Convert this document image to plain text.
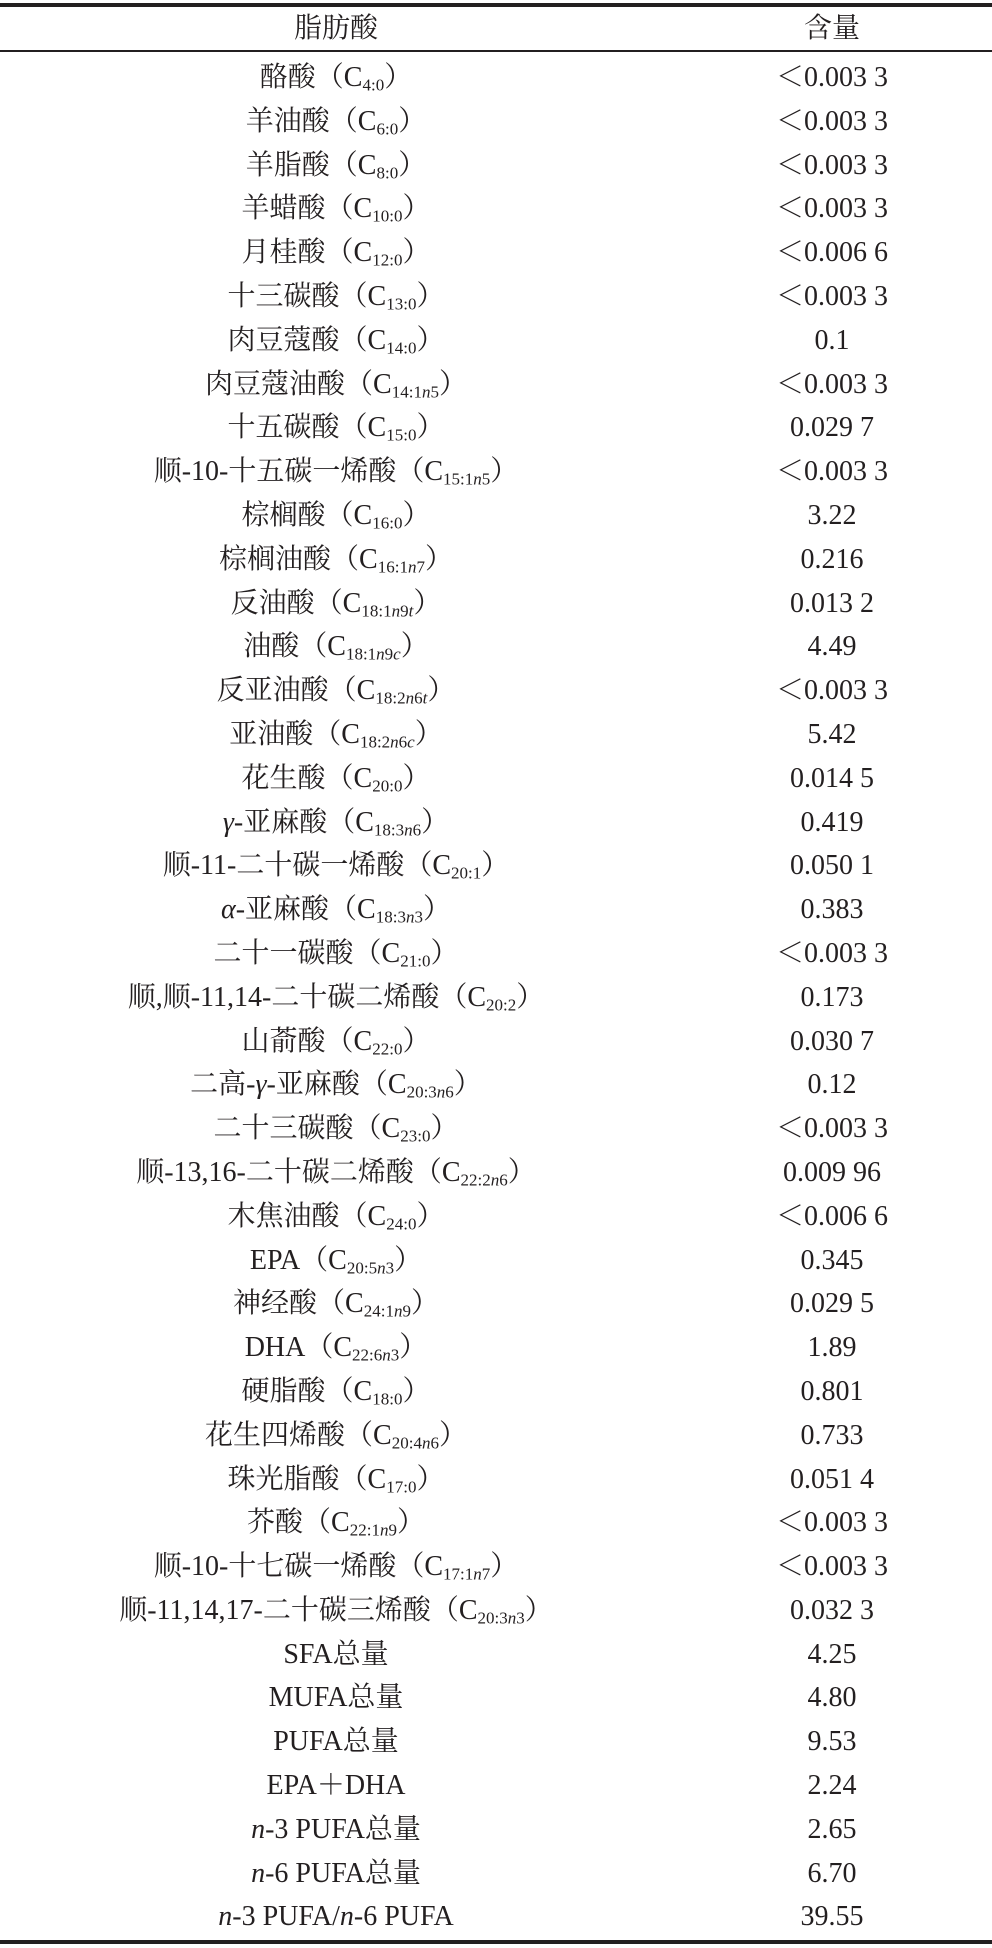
脂肪酸	含量
酪酸$(C_{4:0})$	＜0.003 3
羊油酸$(C_{6:0})$	＜0.003 3
羊脂酸$(C_{8:0})$	＜0.003 3
羊蜡酸$(C_{10:0})$	＜0.003 3
月桂酸$(C_{12:0})$	＜0.006 6
十三碳酸$(C_{13:0})$	＜0.003 3
肉豆蔻酸$(C_{14:0})$	0.1
肉豆蔻油酸$(C_{14:1n5})$	＜0.003 3
十五碳酸$(C_{15:0})$	0.029 7
顺-10-十五碳一烯酸$(C_{15:1n5})$	＜0.003 3
棕榈酸$(C_{16:0})$	3.22
棕榈油酸$(C_{16:1n7})$	0.216
反油酸$(C_{18:1n9t})$	0.013 2
油酸$(C_{18:1n9c})$	4.49
反亚油酸$(C_{18:2n6t})$	＜0.003 3
亚油酸$(C_{18:2n6c})$	5.42
花生酸$(C_{20:0})$	0.014 5
γ-亚麻酸$(C_{18:3n6})$	0.419
顺-11-二十碳一烯酸$(C_{20:1})$	0.050 1
α-亚麻酸$(C_{18:3n3})$	0.383
二十一碳酸$(C_{21:0})$	＜0.003 3
顺,顺-11,14-二十碳二烯酸$(C_{20:2})$	0.173
山萮酸$(C_{22:0})$	0.030 7
二高-γ-亚麻酸$(C_{20:3n6})$	0.12
二十三碳酸$(C_{23:0})$	＜0.003 3
顺-13,16-二十碳二烯酸$(C_{22:2n6})$	0.009 96
木焦油酸$(C_{24:0})$	＜0.006 6
$EPA(C_{20:5n3})$	0.345
神经酸$(C_{24:1n9})$	0.029 5
$DHA(C_{22:6n3})$	1.89
硬脂酸$(C_{18:0})$	0.801
花生四烯酸$(C_{20:4n6})$	0.733
珠光脂酸$(C_{17:0})$	0.051 4
芥酸$(C_{22:1n9})$	＜0.003 3
顺-10-十七碳一烯酸$(C_{17:1n7})$	＜0.003 3
顺-11,14,17-二十碳三烯酸$(C_{20:3n3})$	0.032 3
SFA总量	4.25
MUFA总量	4.80
PUFA总量	9.53
EPA＋DHA	2.24
n-3 PUFA总量	2.65
n-6 PUFA总量	6.70
n-3 PUFA/n-6 PUFA	39.55
